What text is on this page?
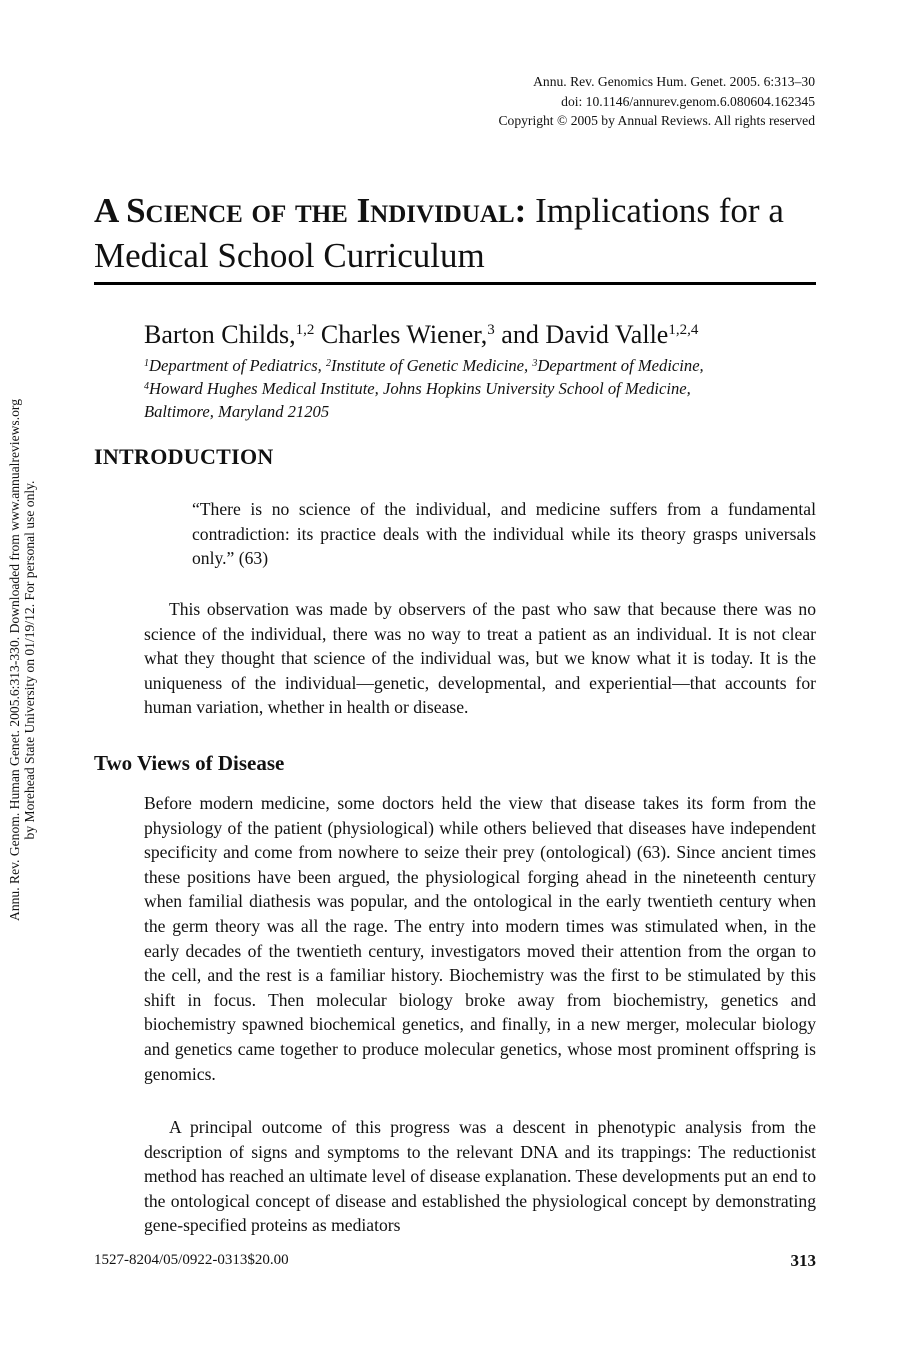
Annu. Rev. Genomics Hum. Genet. 2005. 6:313–30
doi: 10.1146/annurev.genom.6.080604.162345
Copyright © 2005 by Annual Reviews. All rights reserved
Annu. Rev. Genom. Human Genet. 2005.6:313-330. Downloaded from www.annualreviews.org by Morehead State University on 01/19/12. For personal use only.
A Science of the Individual: Implications for a
Medical School Curriculum
Barton Childs,$^{1,2}$ Charles Wiener,$^3$ and David Valle$^{1,2,4}$
$^1$Department of Pediatrics, $^2$Institute of Genetic Medicine, $^3$Department of Medicine,
$^4$Howard Hughes Medical Institute, Johns Hopkins University School of Medicine,
Baltimore, Maryland 21205
INTRODUCTION
“There is no science of the individual, and medicine suffers from a fundamental contradiction: its practice deals with the individual while its theory grasps universals only.” (63)
This observation was made by observers of the past who saw that because there was no science of the individual, there was no way to treat a patient as an individual. It is not clear what they thought that science of the individual was, but we know what it is today. It is the uniqueness of the individual—genetic, developmental, and experiential—that accounts for human variation, whether in health or disease.
Two Views of Disease
Before modern medicine, some doctors held the view that disease takes its form from the physiology of the patient (physiological) while others believed that diseases have independent specificity and come from nowhere to seize their prey (ontological) (63). Since ancient times these positions have been argued, the physiological forging ahead in the nineteenth century when familial diathesis was popular, and the ontological in the early twentieth century when the germ theory was all the rage. The entry into modern times was stimulated when, in the early decades of the twentieth century, investigators moved their attention from the organ to the cell, and the rest is a familiar history. Biochemistry was the first to be stimulated by this shift in focus. Then molecular biology broke away from biochemistry, genetics and biochemistry spawned biochemical genetics, and finally, in a new merger, molecular biology and genetics came together to produce molecular genetics, whose most prominent offspring is genomics.
A principal outcome of this progress was a descent in phenotypic analysis from the description of signs and symptoms to the relevant DNA and its trappings: The reductionist method has reached an ultimate level of disease explanation. These developments put an end to the ontological concept of disease and established the physiological concept by demonstrating gene-specified proteins as mediators
1527-8204/05/0922-0313$20.00	313
